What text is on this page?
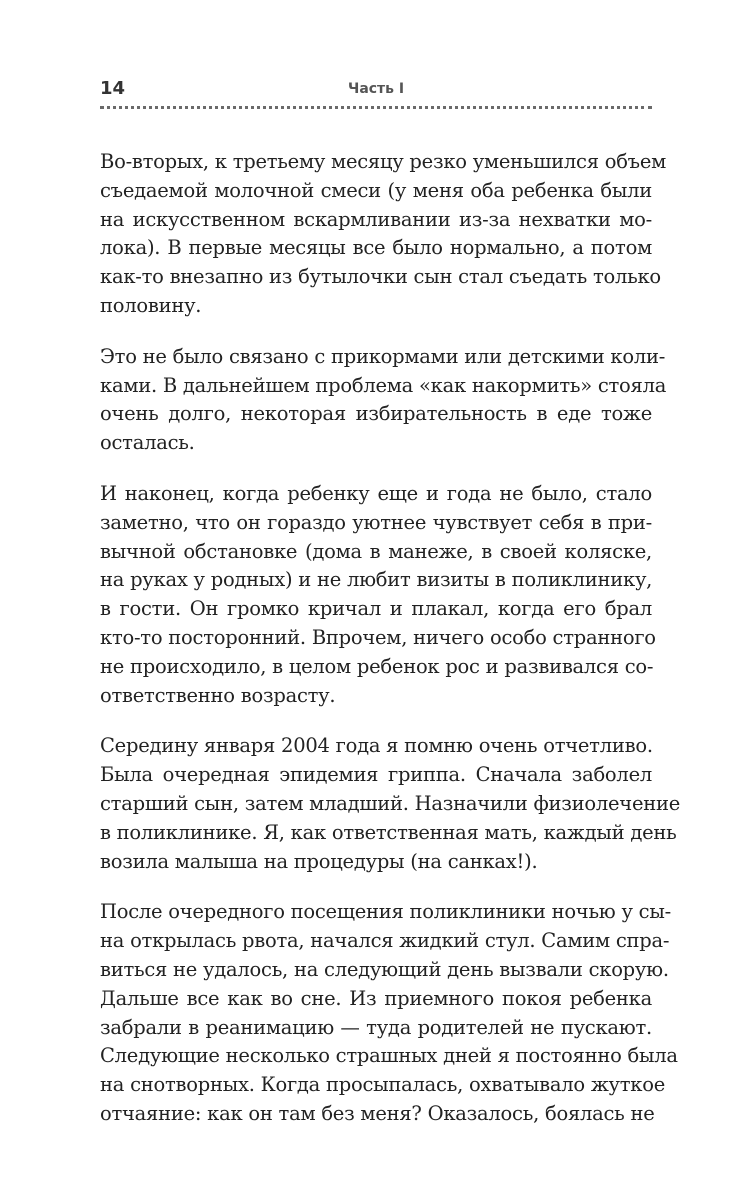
14	Часть I

Во-вторых, к третьему месяцу резко уменьшился объем
съедаемой молочной смеси (у меня оба ребенка были
на искусственном вскармливании из-за нехватки мо-
лока). В первые месяцы все было нормально, а потом
как-то внезапно из бутылочки сын стал съедать только
половину.

Это не было связано с прикормами или детскими коли-
ками. В дальнейшем проблема «как накормить» стояла
очень долго, некоторая избирательность в еде тоже
осталась.

И наконец, когда ребенку еще и года не было, стало
заметно, что он гораздо уютнее чувствует себя в при-
вычной обстановке (дома в манеже, в своей коляске,
на руках у родных) и не любит визиты в поликлинику,
в гости. Он громко кричал и плакал, когда его брал
кто-то посторонний. Впрочем, ничего особо странного
не происходило, в целом ребенок рос и развивался со-
ответственно возрасту.

Середину января 2004 года я помню очень отчетливо.
Была очередная эпидемия гриппа. Сначала заболел
старший сын, затем младший. Назначили физиолечение
в поликлинике. Я, как ответственная мать, каждый день
возила малыша на процедуры (на санках!).

После очередного посещения поликлиники ночью у сы-
на открылась рвота, начался жидкий стул. Самим спра-
виться не удалось, на следующий день вызвали скорую.
Дальше все как во сне. Из приемного покоя ребенка
забрали в реанимацию — туда родителей не пускают.
Следующие несколько страшных дней я постоянно была
на снотворных. Когда просыпалась, охватывало жуткое
отчаяние: как он там без меня? Оказалось, боялась не
